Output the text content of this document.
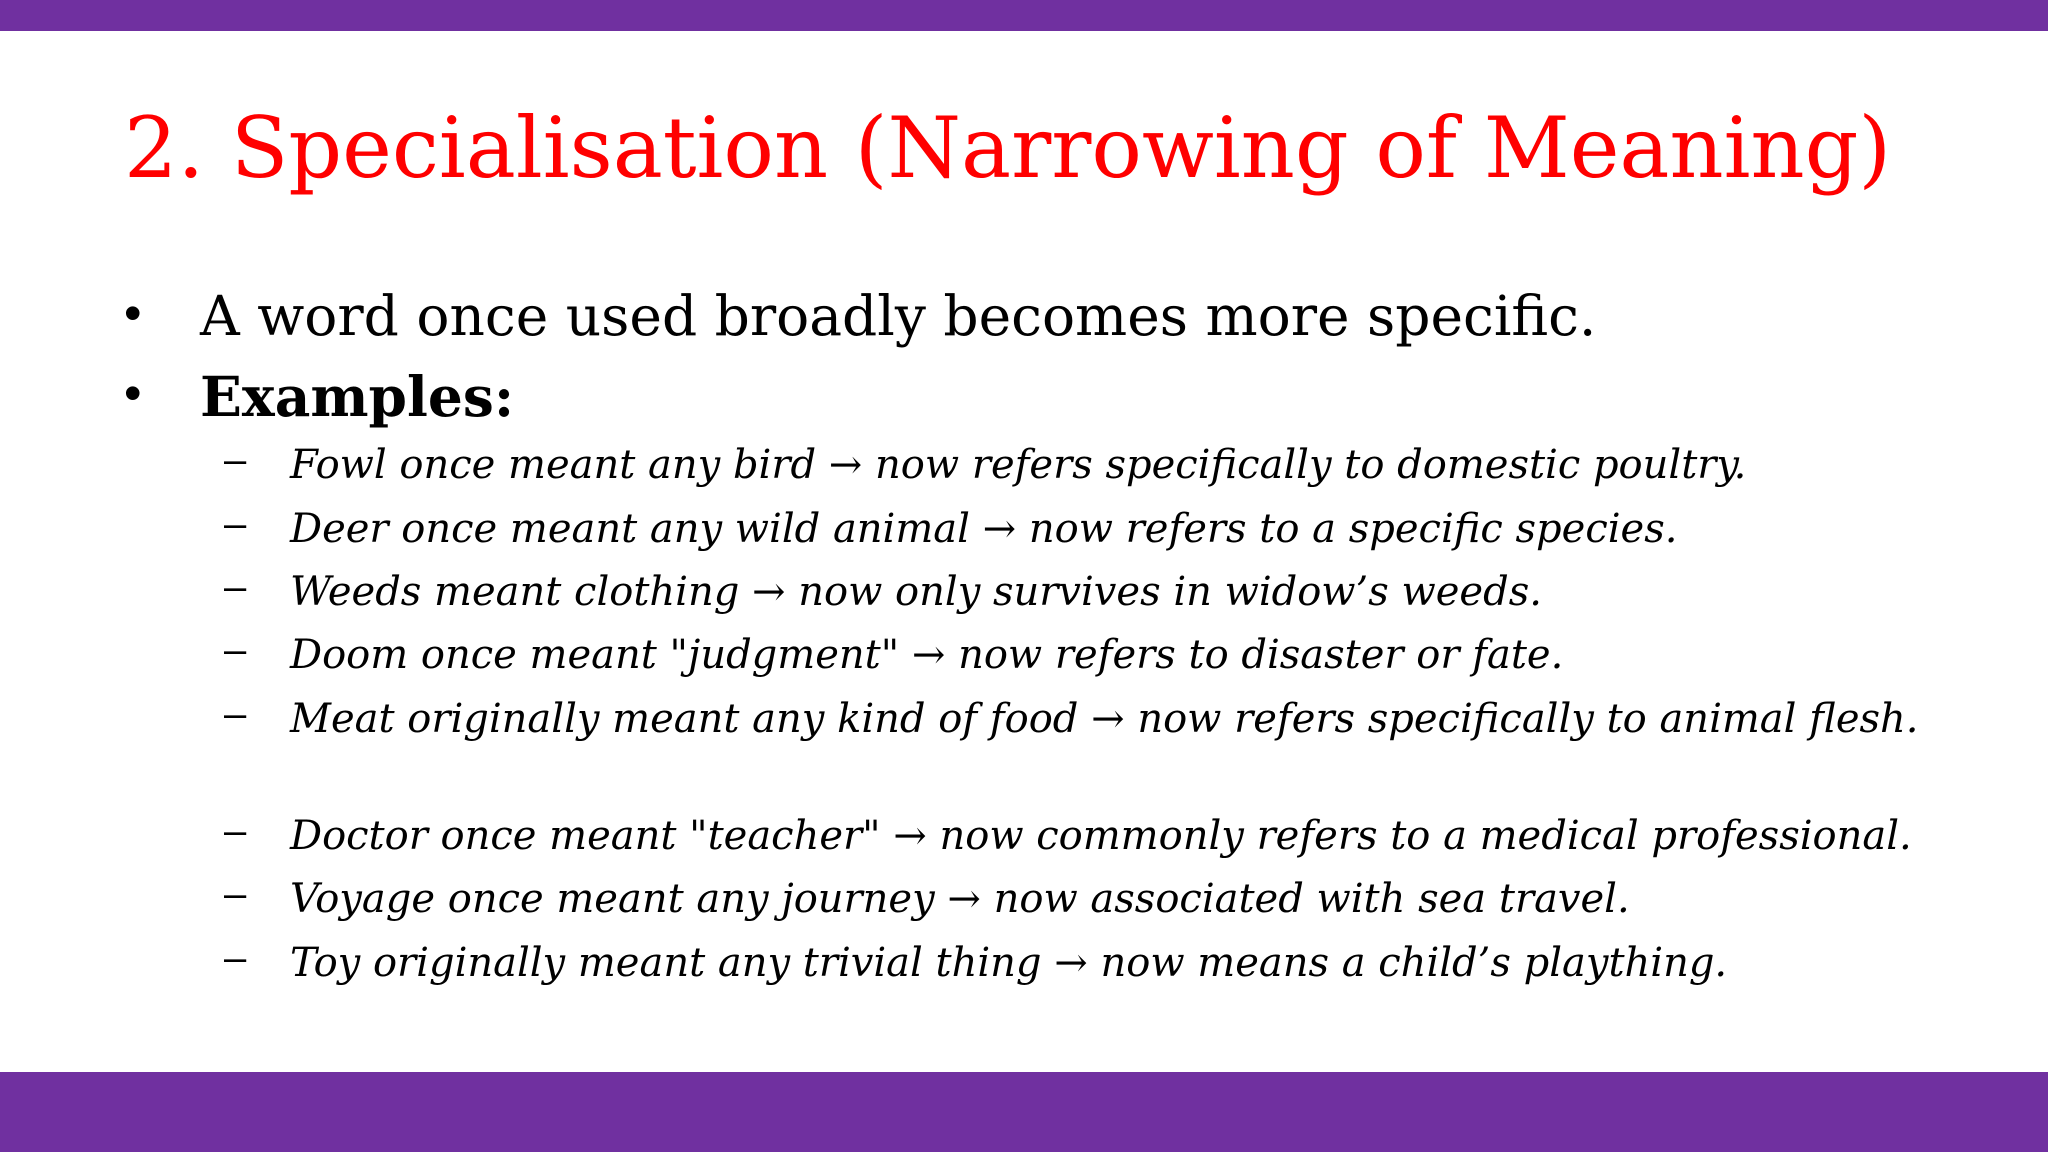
2. Specialisation (Narrowing of Meaning)
• A word once used broadly becomes more specific.
• Examples:
– Fowl once meant any bird → now refers specifically to domestic poultry.
– Deer once meant any wild animal → now refers to a specific species.
– Weeds meant clothing → now only survives in widow’s weeds.
– Doom once meant "judgment" → now refers to disaster or fate.
– Meat originally meant any kind of food → now refers specifically to animal flesh.
– Doctor once meant "teacher" → now commonly refers to a medical professional.
– Voyage once meant any journey → now associated with sea travel.
– Toy originally meant any trivial thing → now means a child’s plaything.
